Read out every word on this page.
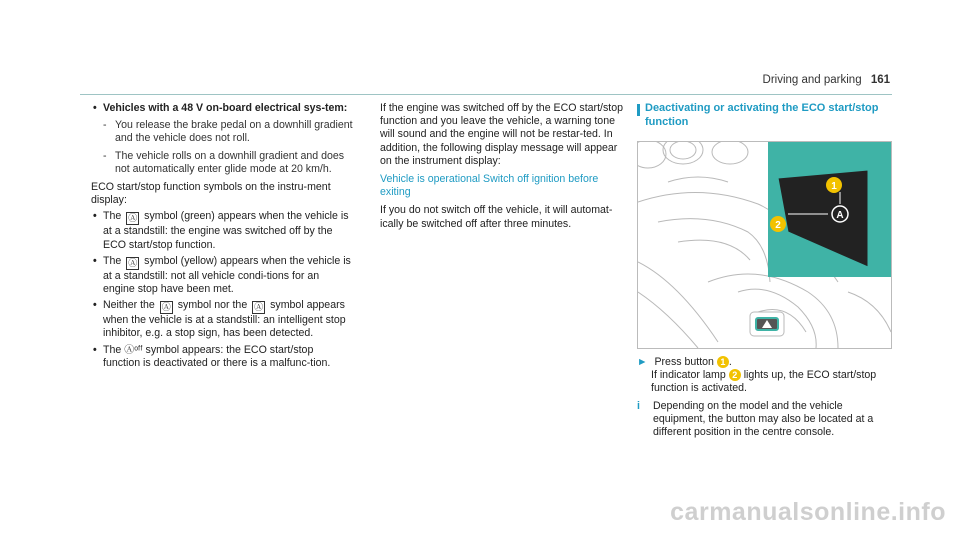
Driving and parking 161
• Vehicles with a 48 V on-board electrical sys-tem:
- You release the brake pedal on a downhill gradient and the vehicle does not roll.
- The vehicle rolls on a downhill gradient and does not automatically enter glide mode at 20 km/h.

ECO start/stop function symbols on the instru-ment display:

• The Ⓐ symbol (green) appears when the vehicle is at a standstill: the engine was switched off by the ECO start/stop function.
• The Ⓐ symbol (yellow) appears when the vehicle is at a standstill: not all vehicle condi-tions for an engine stop have been met.
• Neither the Ⓐ symbol nor the Ⓐ symbol appears when the vehicle is at a standstill: an intelligent stop inhibitor, e.g. a stop sign, has been detected.
• The Ⓐᵒᶠᶠ symbol appears: the ECO start/stop function is deactivated or there is a malfunc-tion.

If the engine was switched off by the ECO start/stop function and you leave the vehicle, a warning tone will sound and the engine will not be restar-ted. In addition, the following display message will appear on the instrument display:

Vehicle is operational Switch off ignition before exiting

If you do not switch off the vehicle, it will automat-ically be switched off after three minutes.

Deactivating or activating the ECO start/stop function
A
1
2
► Press button 1 .
If indicator lamp 2 lights up, the ECO start/stop function is activated.
i Depending on the model and the vehicle equipment, the button may also be located at a different position in the centre console.
carmanualsonline.info
